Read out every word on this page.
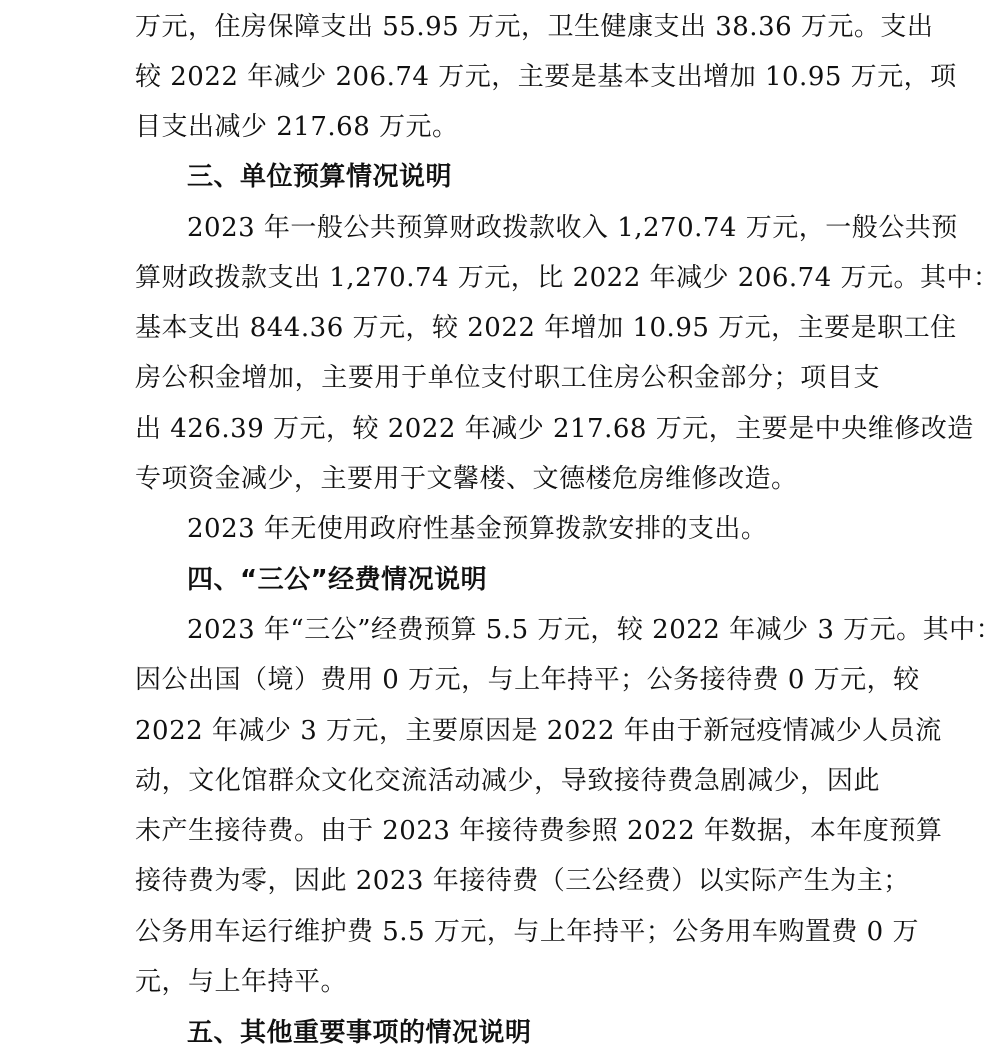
万元，住房保障支出 55.95 万元，卫生健康支出 38.36 万元。支出
较 2022 年减少 206.74 万元，主要是基本支出增加 10.95 万元，项
目支出减少 217.68 万元。
三、单位预算情况说明
2023 年一般公共预算财政拨款收入 1,270.74 万元，一般公共预
算财政拨款支出 1,270.74 万元，比 2022 年减少 206.74 万元。其中：
基本支出 844.36 万元，较 2022 年增加 10.95 万元，主要是职工住
房公积金增加，主要用于单位支付职工住房公积金部分；项目支
出 426.39 万元，较 2022 年减少 217.68 万元，主要是中央维修改造
专项资金减少，主要用于文馨楼、文德楼危房维修改造。
2023 年无使用政府性基金预算拨款安排的支出。
四、“三公”经费情况说明
2023 年“三公”经费预算 5.5 万元，较 2022 年减少 3 万元。其中：
因公出国（境）费用 0 万元，与上年持平；公务接待费 0 万元，较
2022 年减少 3 万元，主要原因是 2022 年由于新冠疫情减少人员流
动，文化馆群众文化交流活动减少，导致接待费急剧减少，因此
未产生接待费。由于 2023 年接待费参照 2022 年数据，本年度预算
接待费为零，因此 2023 年接待费（三公经费）以实际产生为主；
公务用车运行维护费 5.5 万元，与上年持平；公务用车购置费 0 万
元，与上年持平。
五、其他重要事项的情况说明
